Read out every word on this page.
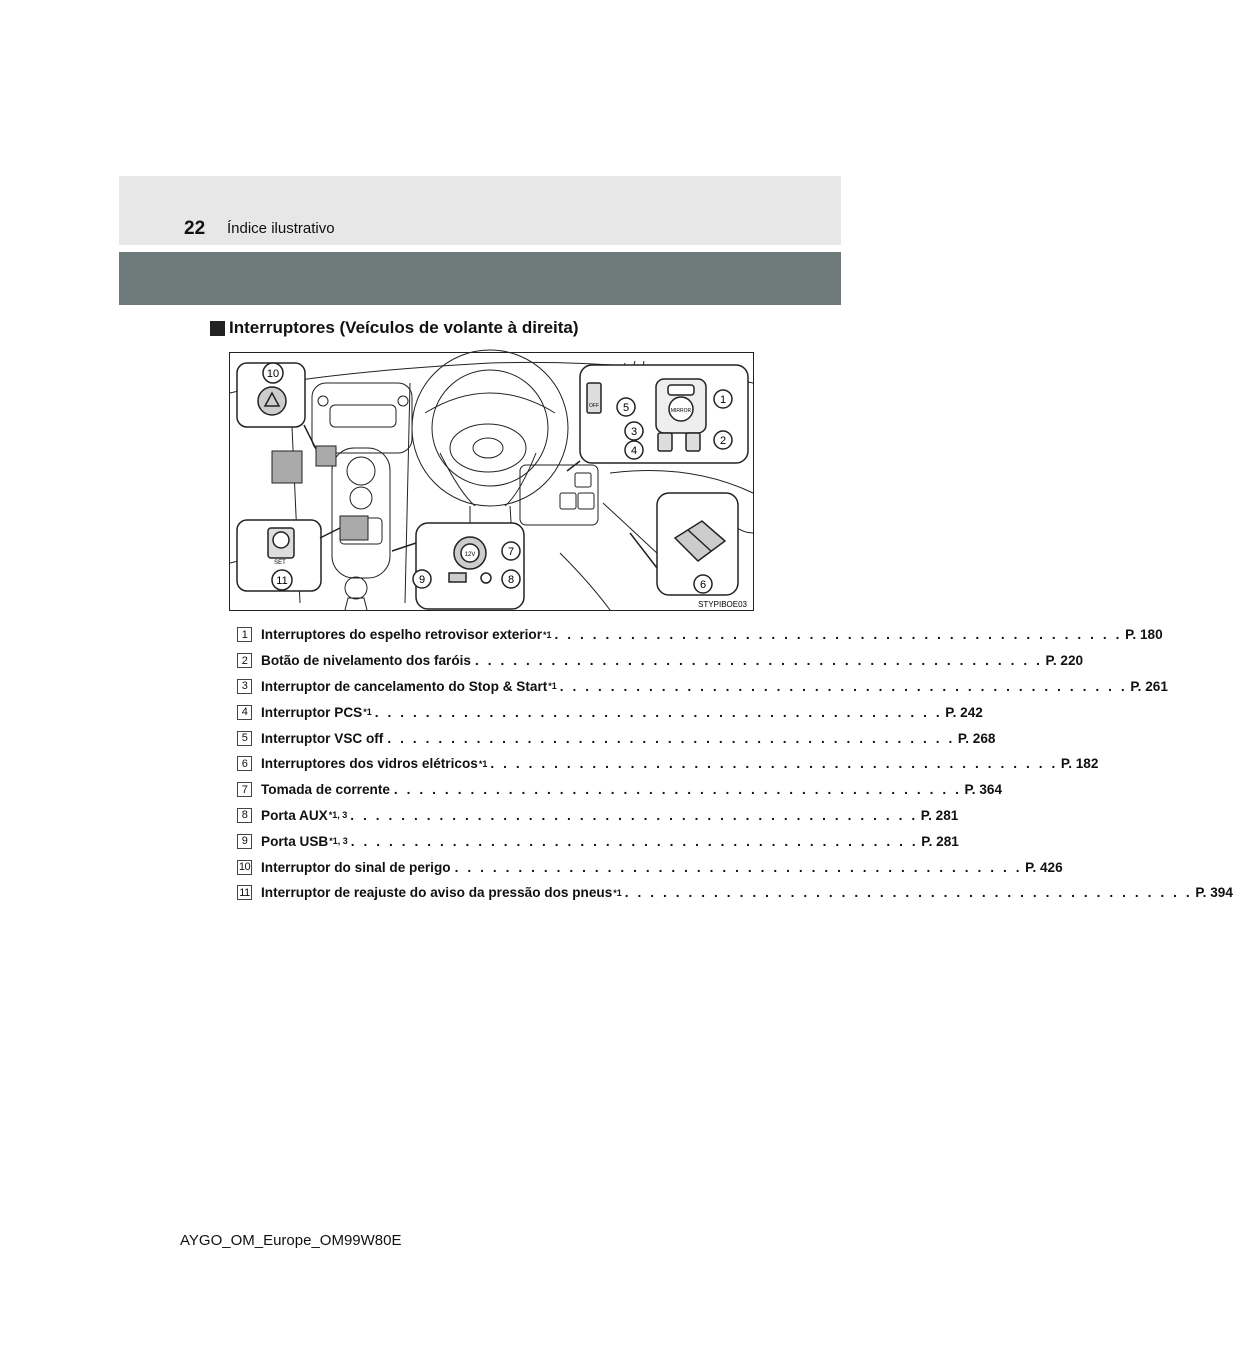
22 Índice ilustrativo
Interruptores (Veículos de volante à direita)
10
11
SET
12V	7
8
9
5
1
2
3
4
OFF
MIRROR
6
STYPIBOE03
1	Interruptores do espelho retrovisor exterior *1 . . . . . . . . . . . . . . . . . . . . . . . . . . . . . . . . . . . . . . . . . . . . . P. 180
2	Botão de nivelamento dos faróis . . . . . . . . . . . . . . . . . . . . . . . . . . . . . . . . . . . . . . . . . . . . . P. 220
3	Interruptor de cancelamento do Stop & Start *1 . . . . . . . . . . . . . . . . . . . . . . . . . . . . . . . . . . . . . . . . . . . . . P. 261
4	Interruptor PCS *1 . . . . . . . . . . . . . . . . . . . . . . . . . . . . . . . . . . . . . . . . . . . . . P. 242
5	Interruptor VSC off . . . . . . . . . . . . . . . . . . . . . . . . . . . . . . . . . . . . . . . . . . . . . P. 268
6	Interruptores dos vidros elétricos *1 . . . . . . . . . . . . . . . . . . . . . . . . . . . . . . . . . . . . . . . . . . . . . P. 182
7	Tomada de corrente . . . . . . . . . . . . . . . . . . . . . . . . . . . . . . . . . . . . . . . . . . . . . P. 364
8	Porta AUX *1, 3 . . . . . . . . . . . . . . . . . . . . . . . . . . . . . . . . . . . . . . . . . . . . . P. 281
9	Porta USB *1, 3 . . . . . . . . . . . . . . . . . . . . . . . . . . . . . . . . . . . . . . . . . . . . . P. 281
10 Interruptor do sinal de perigo . . . . . . . . . . . . . . . . . . . . . . . . . . . . . . . . . . . . . . . . . . . . . P. 426
11 Interruptor de reajuste do aviso da pressão dos pneus *1 . . . . . . . . . . . . . . . . . . . . . . . . . . . . . . . . . . . . . . . . . . . . . P. 394
AYGO_OM_Europe_OM99W80E
